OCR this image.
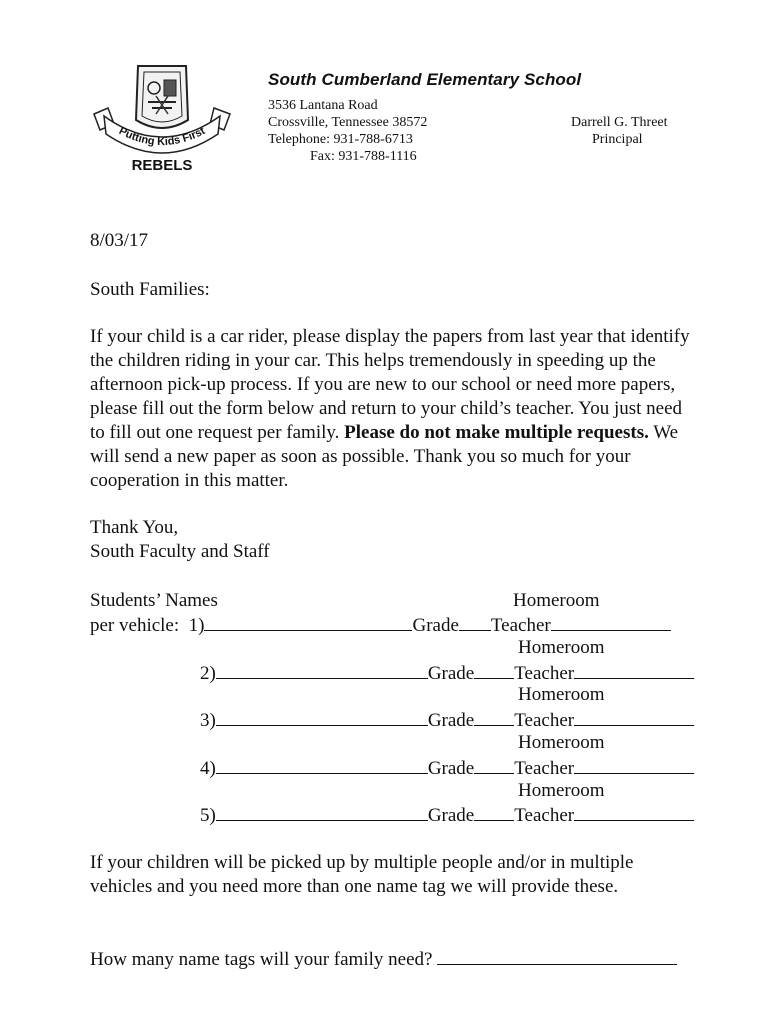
Putting Kids First
REBELS
South Cumberland Elementary School
3536 Lantana Road
Crossville, Tennessee 38572
Telephone: 931-788-6713
Fax: 931-788-1116
Darrell G. Threet
Principal
8/03/17
South Families:
If your child is a car rider, please display the papers from last year that identify the children riding in your car. This helps tremendously in speeding up the afternoon pick-up process. If you are new to our school or need more papers, please fill out the form below and return to your child’s teacher. You just need to fill out one request per family. Please do not make multiple requests. We will send a new paper as soon as possible. Thank you so much for your cooperation in this matter.
Thank You,
South Faculty and Staff
Students’ Names	Homeroom
per vehicle: 1)	Grade Teacher
Homeroom
2)	Grade Teacher
Homeroom
3)	Grade Teacher
Homeroom
4)	Grade Teacher
Homeroom
5)	Grade Teacher
If your children will be picked up by multiple people and/or in multiple vehicles and you need more than one name tag we will provide these.
How many name tags will your family need?
